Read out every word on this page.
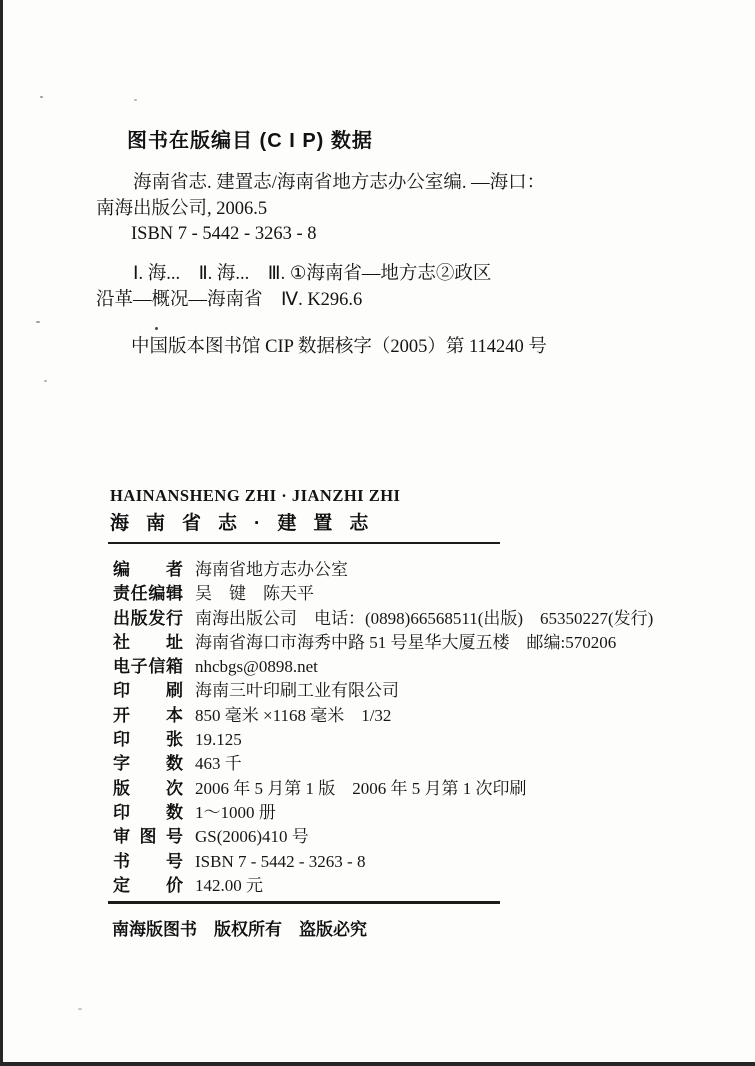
图书在版编目 (C I P) 数据

海南省志. 建置志/海南省地方志办公室编. —海口：

南海出版公司, 2006.5

ISBN 7 - 5442 - 3263 - 8

Ⅰ. 海...　Ⅱ. 海...　Ⅲ. ①海南省—地方志②政区

沿革—概况—海南省　Ⅳ. K296.6

中国版本图书馆 CIP 数据核字（2005）第 114240 号

HAINANSHENG ZHI · JIANZHI ZHI

海南省志·建置志

编者 海南省地方志办公室
责任编辑 吴　键　陈天平
出版发行 南海出版公司　电话：(0898)66568511(出版)　65350227(发行)
社址 海南省海口市海秀中路 51 号星华大厦五楼　邮编:570206
电子信箱 nhcbgs@0898.net
印刷 海南三叶印刷工业有限公司
开本 850 毫米 ×1168 毫米　1/32
印张 19.125
字数 463 千
版次 2006 年 5 月第 1 版　2006 年 5 月第 1 次印刷
印数 1～1000 册
审图号 GS(2006)410 号
书号 ISBN 7 - 5442 - 3263 - 8
定价 142.00 元

南海版图书　版权所有　盗版必究
